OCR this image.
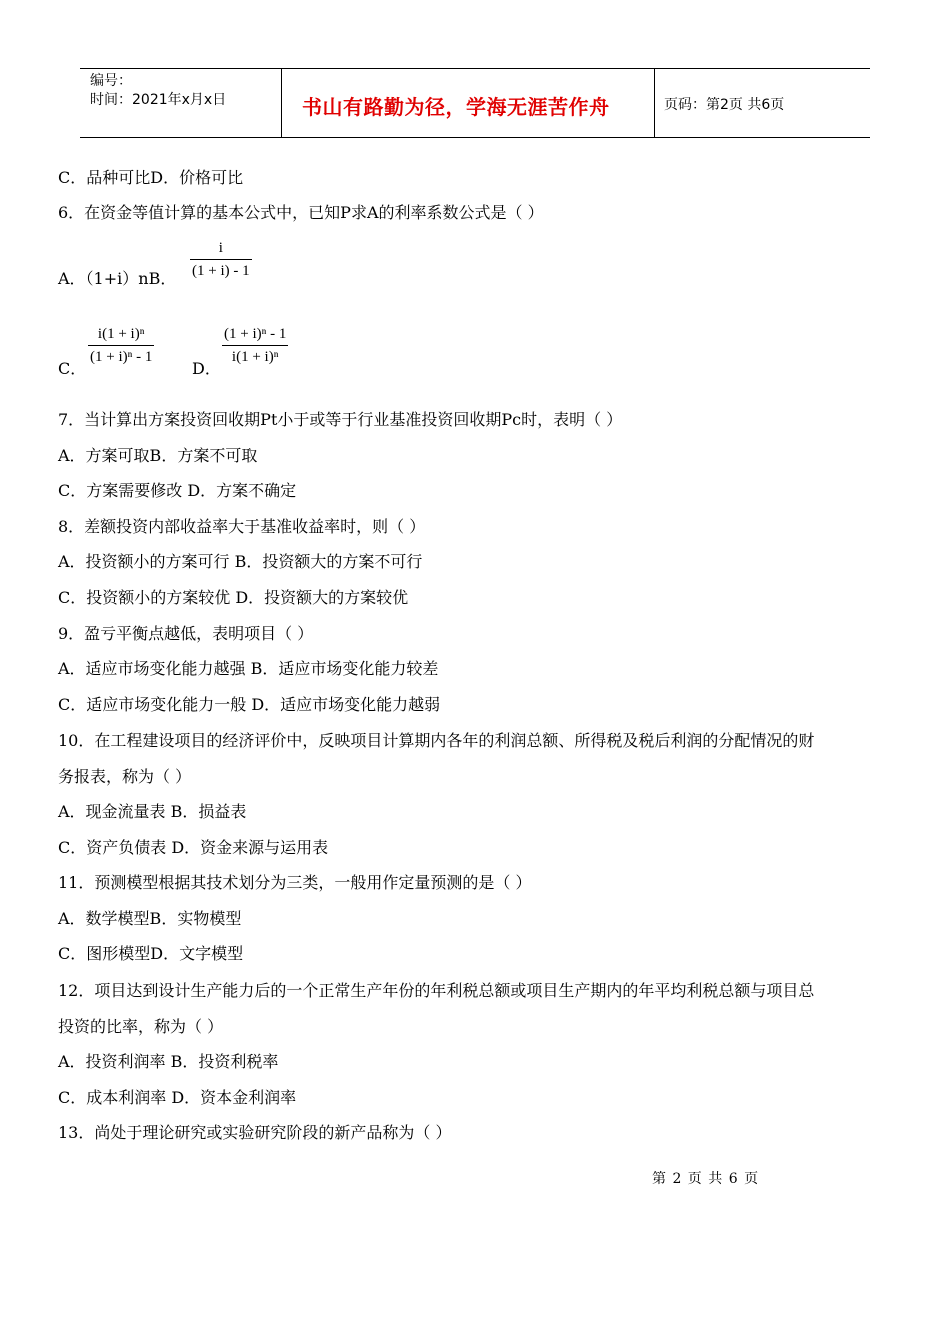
编号：
时间：2021年x月x日	书山有路勤为径，学海无涯苦作舟	页码：第2页 共6页
C．品种可比D．价格可比
6．在资金等值计算的基本公式中，已知P求A的利率系数公式是（ ）
A．（1+i）nB． $\frac{i}{(1 + i) - 1}$
C．
$\frac{\text{i(1 + i)ⁿ}}{\text{(1 + i)ⁿ - 1}}$
D．
$\frac{\text{(1 + i)ⁿ - 1}}{\text{i(1 + i)ⁿ}}$
7．当计算出方案投资回收期Pt小于或等于行业基准投资回收期Pc时，表明（ ）
A．方案可取B．方案不可取
C．方案需要修改 D．方案不确定
8．差额投资内部收益率大于基准收益率时，则（ ）
A．投资额小的方案可行 B．投资额大的方案不可行
C．投资额小的方案较优 D．投资额大的方案较优
9．盈亏平衡点越低，表明项目（ ）
A．适应市场变化能力越强 B．适应市场变化能力较差
C．适应市场变化能力一般 D．适应市场变化能力越弱
10．在工程建设项目的经济评价中，反映项目计算期内各年的利润总额、所得税及税后利润的分配情况的财
务报表，称为（ ）
A．现金流量表 B．损益表
C．资产负债表 D．资金来源与运用表
11．预测模型根据其技术划分为三类，一般用作定量预测的是（ ）
A．数学模型B．实物模型
C．图形模型D．文字模型
12．项目达到设计生产能力后的一个正常生产年份的年利税总额或项目生产期内的年平均利税总额与项目总
投资的比率，称为（ ）
A．投资利润率 B．投资利税率
C．成本利润率 D．资本金利润率
13．尚处于理论研究或实验研究阶段的新产品称为（ ）
第 2 页 共 6 页
